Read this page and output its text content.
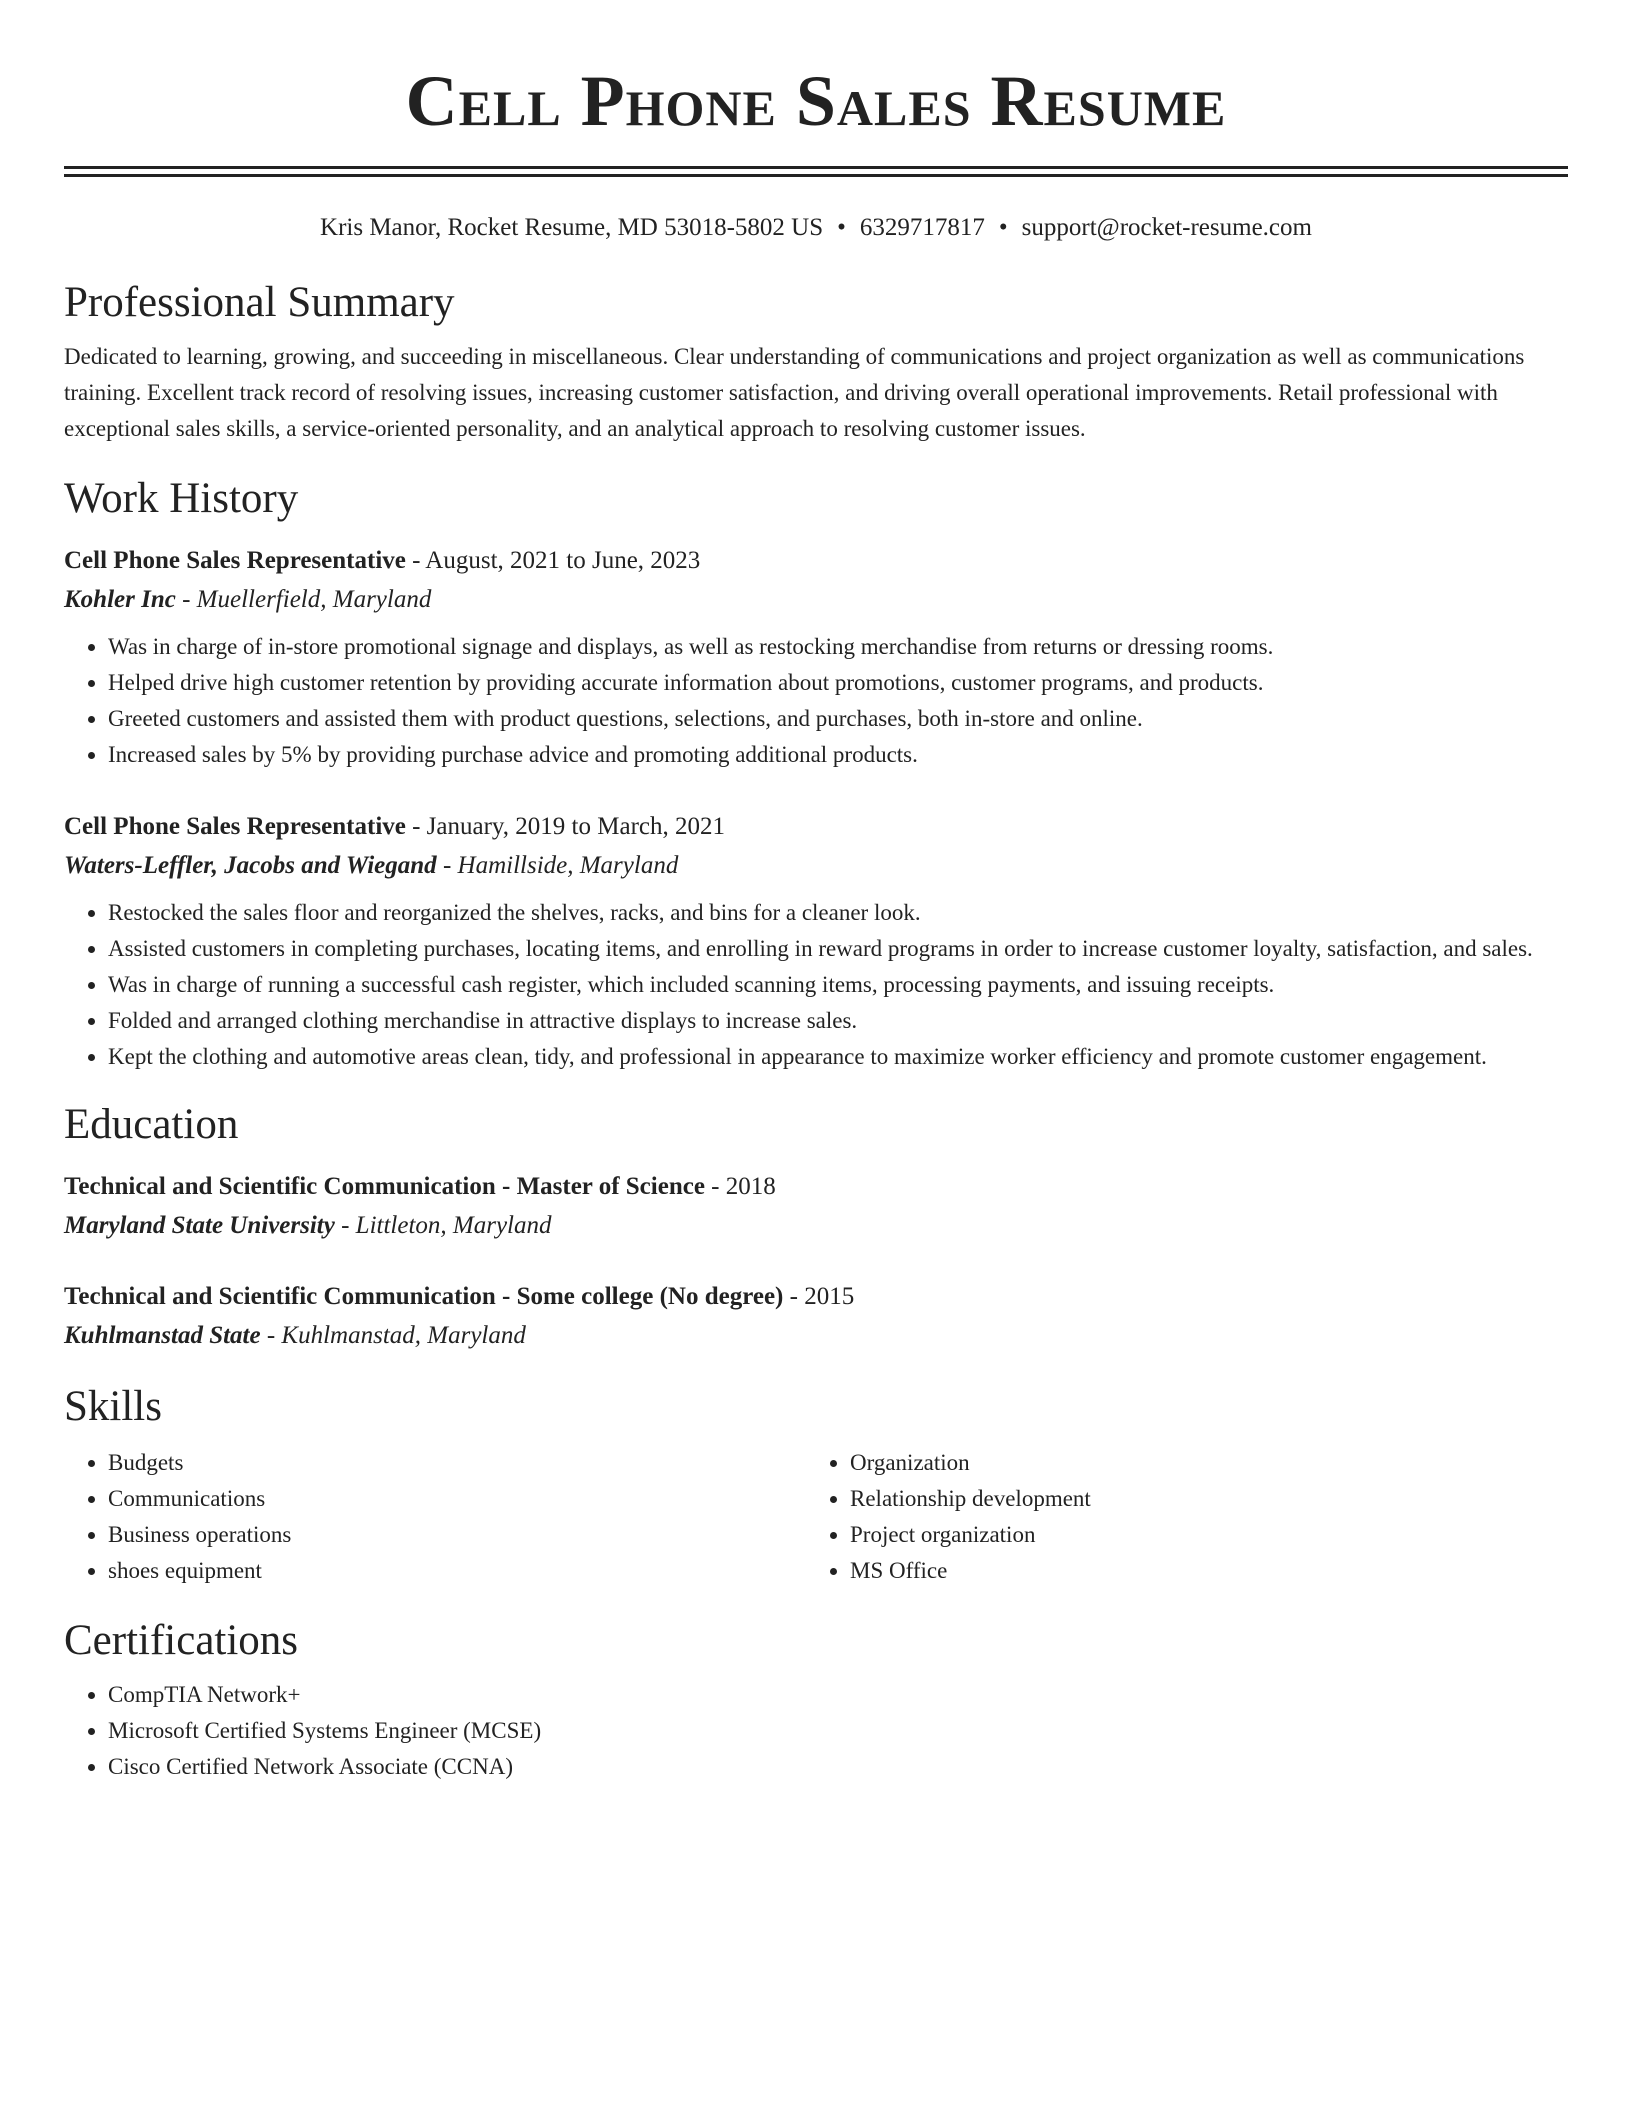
Cell Phone Sales Resume
Kris Manor, Rocket Resume, MD 53018-5802 US • 6329717817 • support@rocket-resume.com
Professional Summary
Dedicated to learning, growing, and succeeding in miscellaneous. Clear understanding of communications and project organization as well as communications training. Excellent track record of resolving issues, increasing customer satisfaction, and driving overall operational improvements. Retail professional with exceptional sales skills, a service-oriented personality, and an analytical approach to resolving customer issues.
Work History
Cell Phone Sales Representative - August, 2021 to June, 2023
Kohler Inc - Muellerfield, Maryland
• Was in charge of in-store promotional signage and displays, as well as restocking merchandise from returns or dressing rooms.
• Helped drive high customer retention by providing accurate information about promotions, customer programs, and products.
• Greeted customers and assisted them with product questions, selections, and purchases, both in-store and online.
• Increased sales by 5% by providing purchase advice and promoting additional products.
Cell Phone Sales Representative - January, 2019 to March, 2021
Waters-Leffler, Jacobs and Wiegand - Hamillside, Maryland
• Restocked the sales floor and reorganized the shelves, racks, and bins for a cleaner look.
• Assisted customers in completing purchases, locating items, and enrolling in reward programs in order to increase customer loyalty, satisfaction, and sales.
• Was in charge of running a successful cash register, which included scanning items, processing payments, and issuing receipts.
• Folded and arranged clothing merchandise in attractive displays to increase sales.
• Kept the clothing and automotive areas clean, tidy, and professional in appearance to maximize worker efficiency and promote customer engagement.
Education
Technical and Scientific Communication - Master of Science - 2018
Maryland State University - Littleton, Maryland
Technical and Scientific Communication - Some college (No degree) - 2015
Kuhlmanstad State - Kuhlmanstad, Maryland
Skills
• Budgets
• Communications
• Business operations
• shoes equipment
• Organization
• Relationship development
• Project organization
• MS Office
Certifications
• CompTIA Network+
• Microsoft Certified Systems Engineer (MCSE)
• Cisco Certified Network Associate (CCNA)
